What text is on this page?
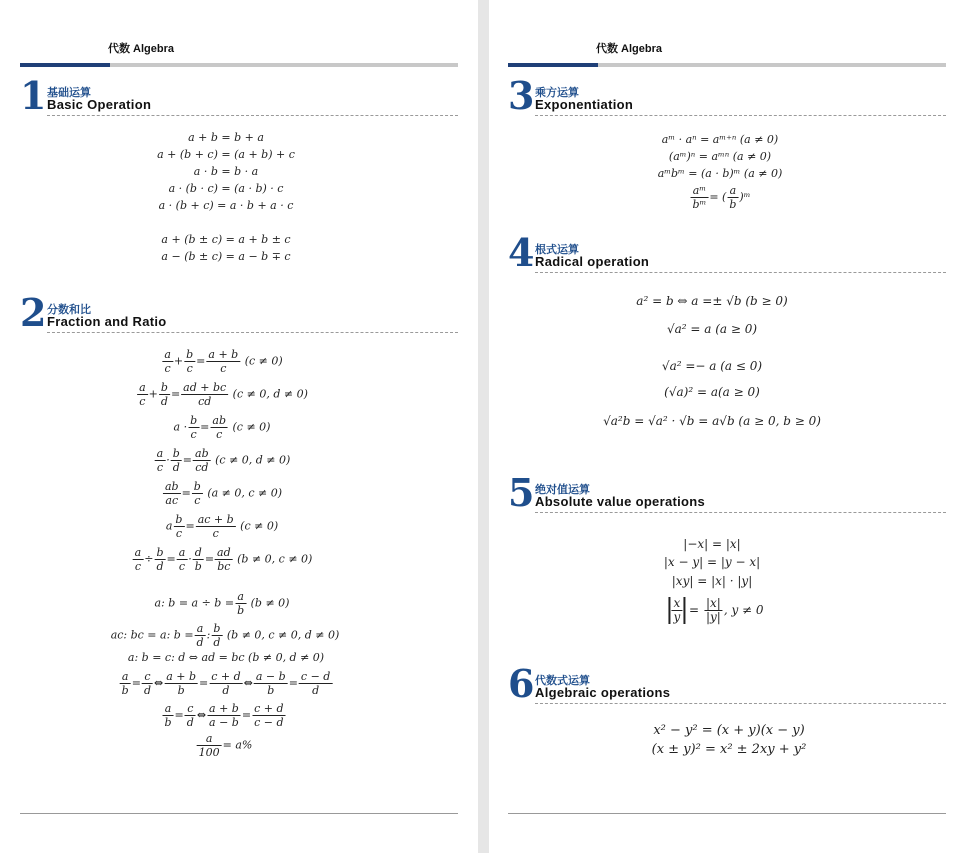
代数 Algebra
1 基础运算
Basic Operation
a + b = b + a
a + (b + c) = (a + b) + c
a · b = b · a
a · (b · c) = (a · b) · c
a · (b + c) = a · b + a · c
a + (b ± c) = a + b ± c
a − (b ± c) = a − b ∓ c
2 分数和比
Fraction and Ratio
$\frac{a}{c} + \frac{b}{c} = \frac{a + b}{c} (c \ne 0)$
$\frac{a}{c} + \frac{b}{d} = \frac{ad + bc}{cd} (c \ne 0$, d ≠ 0)
$a \cdot \frac{b}{c} = \frac{ab}{c} (c \ne 0)$
$\frac{a}{c} \cdot \frac{b}{d} = \frac{ab}{cd} (c \ne 0$, d ≠ 0)
$\frac{ab}{ac} = \frac{b}{c} (a \ne 0$, c ≠ 0)
a $\frac{b}{c} = \frac{ac + b}{c} (c \ne 0)$
$\frac{a}{c} \div \frac{b}{d} = \frac{a}{c} \cdot \frac{d}{b} = \frac{ad}{bc} (b \ne 0$, c ≠ 0)
a: $b = a \div b = \frac{a}{b} (b \ne 0)$
ac: bc = a: $b = \frac{a}{d}$ : $\frac{b}{d} (b \ne 0$, c ≠ 0, d ≠ 0)
a: b = c: d ⇔ ad = bc (b ≠ 0, d ≠ 0)
$\frac{a}{b} = \frac{c}{d}$ ⇔ $\frac{a + b}{b} = \frac{c + d}{d}$ ⇔ $\frac{a - b}{b} = \frac{c - d}{d}$
$\frac{a}{b} = \frac{c}{d}$ ⇔ $\frac{a + b}{a - b} = \frac{c + d}{c - d}$
$\frac{a}{100} = a\%$
代数 Algebra
3 乘方运算
Exponentiation
aᵐ · aⁿ = aᵐ⁺ⁿ (a ≠ 0)
(aᵐ)ⁿ = aᵐⁿ (a ≠ 0)
aᵐbᵐ = (a · b)ᵐ (a ≠ 0)
$\frac{\text{aᵐ}}{\text{bᵐ}}$ = ( $\frac{a}{b}$ )ᵐ
4 根式运算
Radical operation
a² = b ⇔ a =± √b (b ≥ 0)
√a² = a (a ≥ 0)
√a² =− a (a ≤ 0)
(√a)² = a(a ≥ 0)
√a²b = √a² · √b = a√b (a ≥ 0, b ≥ 0)
5 绝对值运算
Absolute value operations
|−x| = |x|
|x − y| = |y − x|
|xy| = |x| · |y|
$\frac{x}{y} = \frac{|x|}{|y|}$ , y ≠ 0
6 代数式运算
Algebraic operations
x² − y² = (x + y)(x − y)
(x ± y)² = x² ± 2xy + y²
